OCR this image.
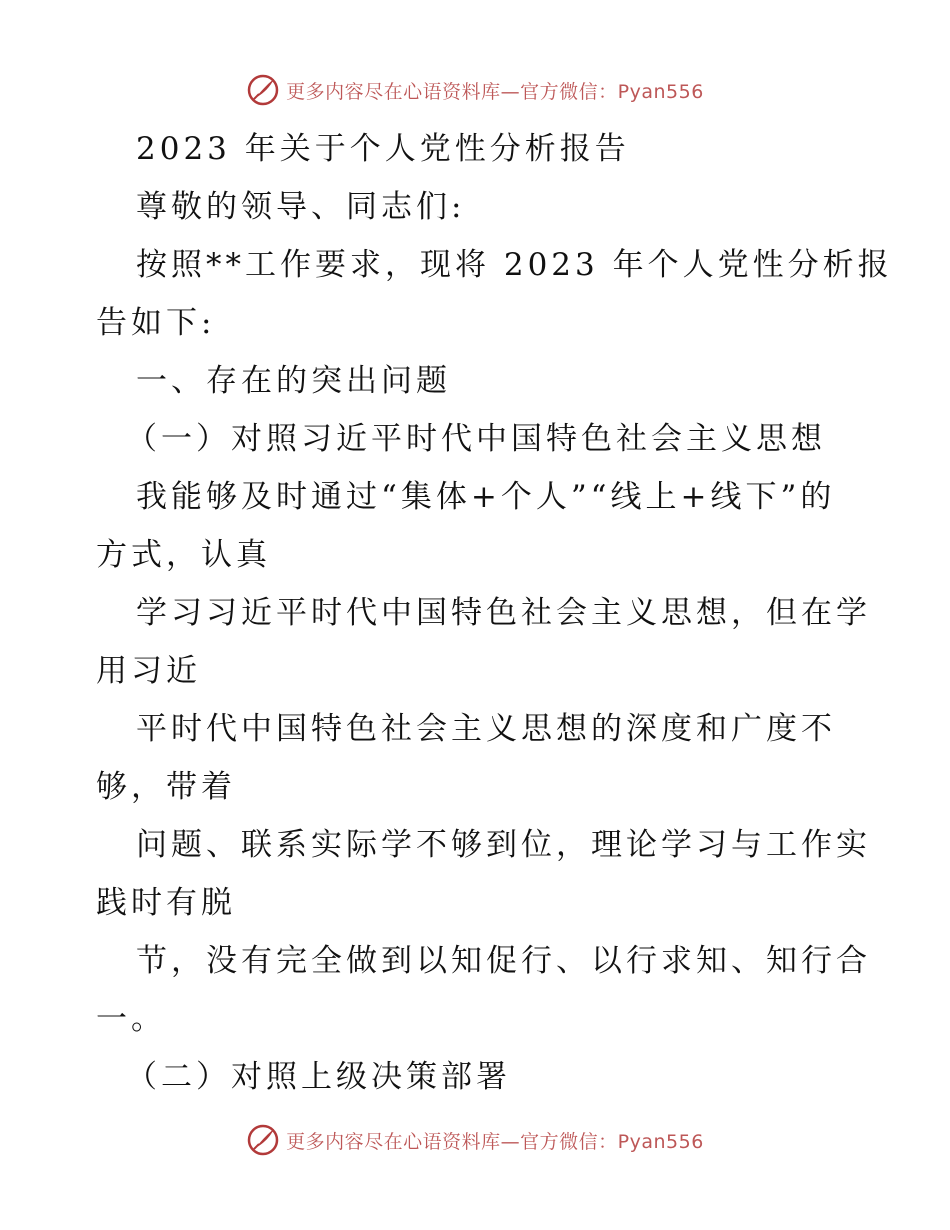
更多内容尽在心语资料库—官方微信：Pyan556
2023 年关于个人党性分析报告
尊敬的领导、同志们:
按照**工作要求，现将 2023 年个人党性分析报
告如下:
一、存在的突出问题
（一）对照习近平时代中国特色社会主义思想
我能够及时通过“集体+个人”“线上+线下”的
方式，认真
学习习近平时代中国特色社会主义思想，但在学
用习近
平时代中国特色社会主义思想的深度和广度不
够，带着
问题、联系实际学不够到位，理论学习与工作实
践时有脱
节，没有完全做到以知促行、以行求知、知行合
一。
（二）对照上级决策部署
更多内容尽在心语资料库—官方微信：Pyan556
